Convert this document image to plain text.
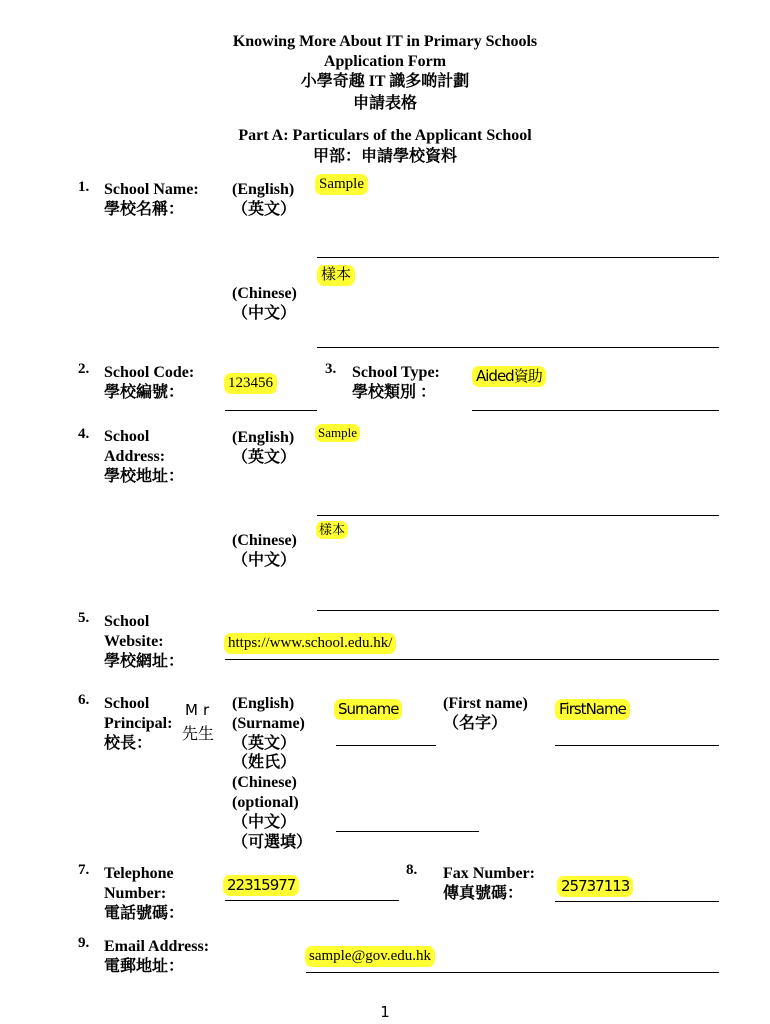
Knowing More About IT in Primary Schools
Application Form
小學奇趣 IT 識多啲計劃
申請表格
Part A: Particulars of the Applicant School
甲部：申請學校資料
1. School Name:
學校名稱：
(English)
（英文）
Sample
樣本
(Chinese)
（中文）
2. School Code:
學校編號：
123456
3. School Type:
學校類別 ：
Aided資助
4. School
Address:
學校地址：
(English)
（英文）
Sample
樣本
(Chinese)
（中文）
5. School
Website:
學校網址：
https://www.school.edu.hk/
6. School
Principal:
校長：
Mr
先生
(English)
(Surname)
（英文）
（姓氏）
(Chinese)
(optional)
（中文）
（可選填）
Surname	(First name)
（名字）
FirstName
7. Telephone
Number:
電話號碼：
22315977
8. Fax Number:
傳真號碼：	25737113
9. Email Address:
電郵地址：
sample@gov.edu.hk
1
